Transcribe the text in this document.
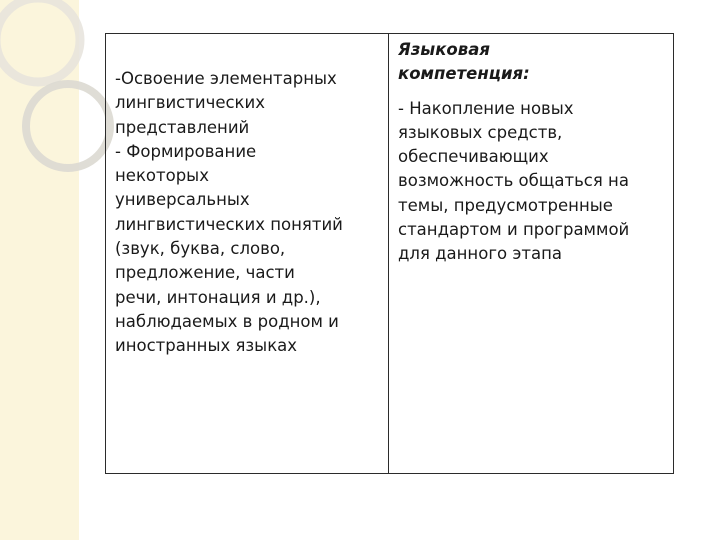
-Освоение элементарных
лингвистических
представлений
- Формирование
некоторых
универсальных
лингвистических понятий
(звук, буква, слово,
предложение, части
речи, интонация и др.),
наблюдаемых в родном и
иностранных языках

Языковая
компетенция:

- Накопление новых
языковых средств,
обеспечивающих
возможность общаться на
темы, предусмотренные
стандартом и программой
для данного этапа
